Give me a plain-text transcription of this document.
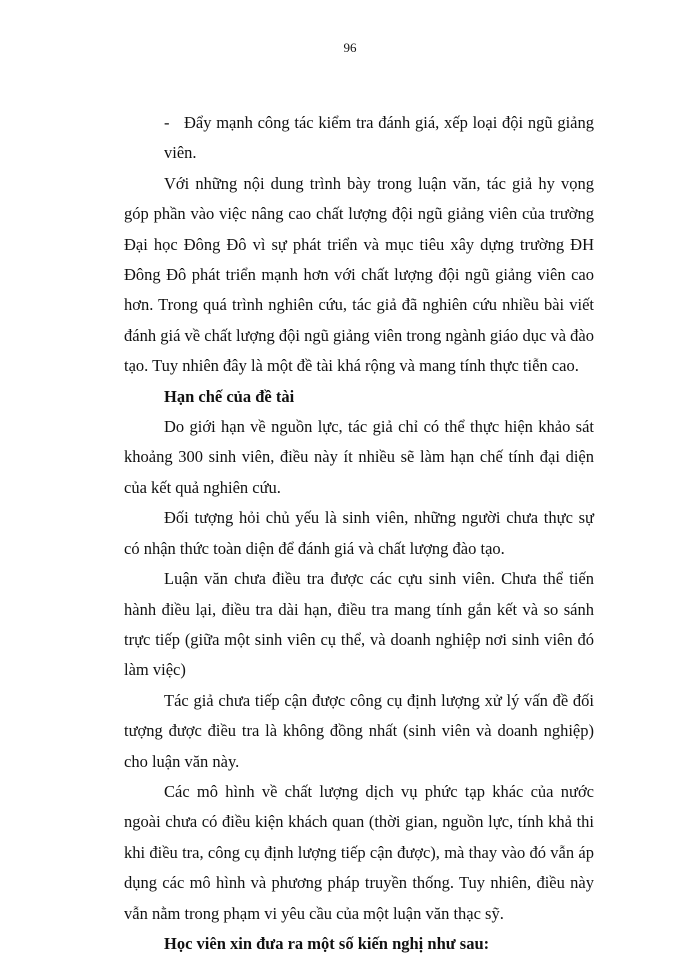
96

- Đẩy mạnh công tác kiểm tra đánh giá, xếp loại đội ngũ giảng viên.

Với những nội dung trình bày trong luận văn, tác giả hy vọng góp phần vào việc nâng cao chất lượng đội ngũ giảng viên của trường Đại học Đông Đô vì sự phát triển và mục tiêu xây dựng trường ĐH Đông Đô phát triển mạnh hơn với chất lượng đội ngũ giảng viên cao hơn. Trong quá trình nghiên cứu, tác giả đã nghiên cứu nhiều bài viết đánh giá về chất lượng đội ngũ giảng viên trong ngành giáo dục và đào tạo. Tuy nhiên đây là một đề tài khá rộng và mang tính thực tiễn cao.

Hạn chế của đề tài

Do giới hạn về nguồn lực, tác giả chỉ có thể thực hiện khảo sát khoảng 300 sinh viên, điều này ít nhiều sẽ làm hạn chế tính đại diện của kết quả nghiên cứu.

Đối tượng hỏi chủ yếu là sinh viên, những người chưa thực sự có nhận thức toàn diện để đánh giá và chất lượng đào tạo.

Luận văn chưa điều tra được các cựu sinh viên. Chưa thể tiến hành điều lại, điều tra dài hạn, điều tra mang tính gắn kết và so sánh trực tiếp (giữa một sinh viên cụ thể, và doanh nghiệp nơi sinh viên đó làm việc)

Tác giả chưa tiếp cận được công cụ định lượng xử lý vấn đề đối tượng được điều tra là không đồng nhất (sinh viên và doanh nghiệp) cho luận văn này.

Các mô hình về chất lượng dịch vụ phức tạp khác của nước ngoài chưa có điều kiện khách quan (thời gian, nguồn lực, tính khả thi khi điều tra, công cụ định lượng tiếp cận được), mà thay vào đó vẫn áp dụng các mô hình và phương pháp truyền thống. Tuy nhiên, điều này vẫn nằm trong phạm vi yêu cầu của một luận văn thạc sỹ.

Học viên xin đưa ra một số kiến nghị như sau:
